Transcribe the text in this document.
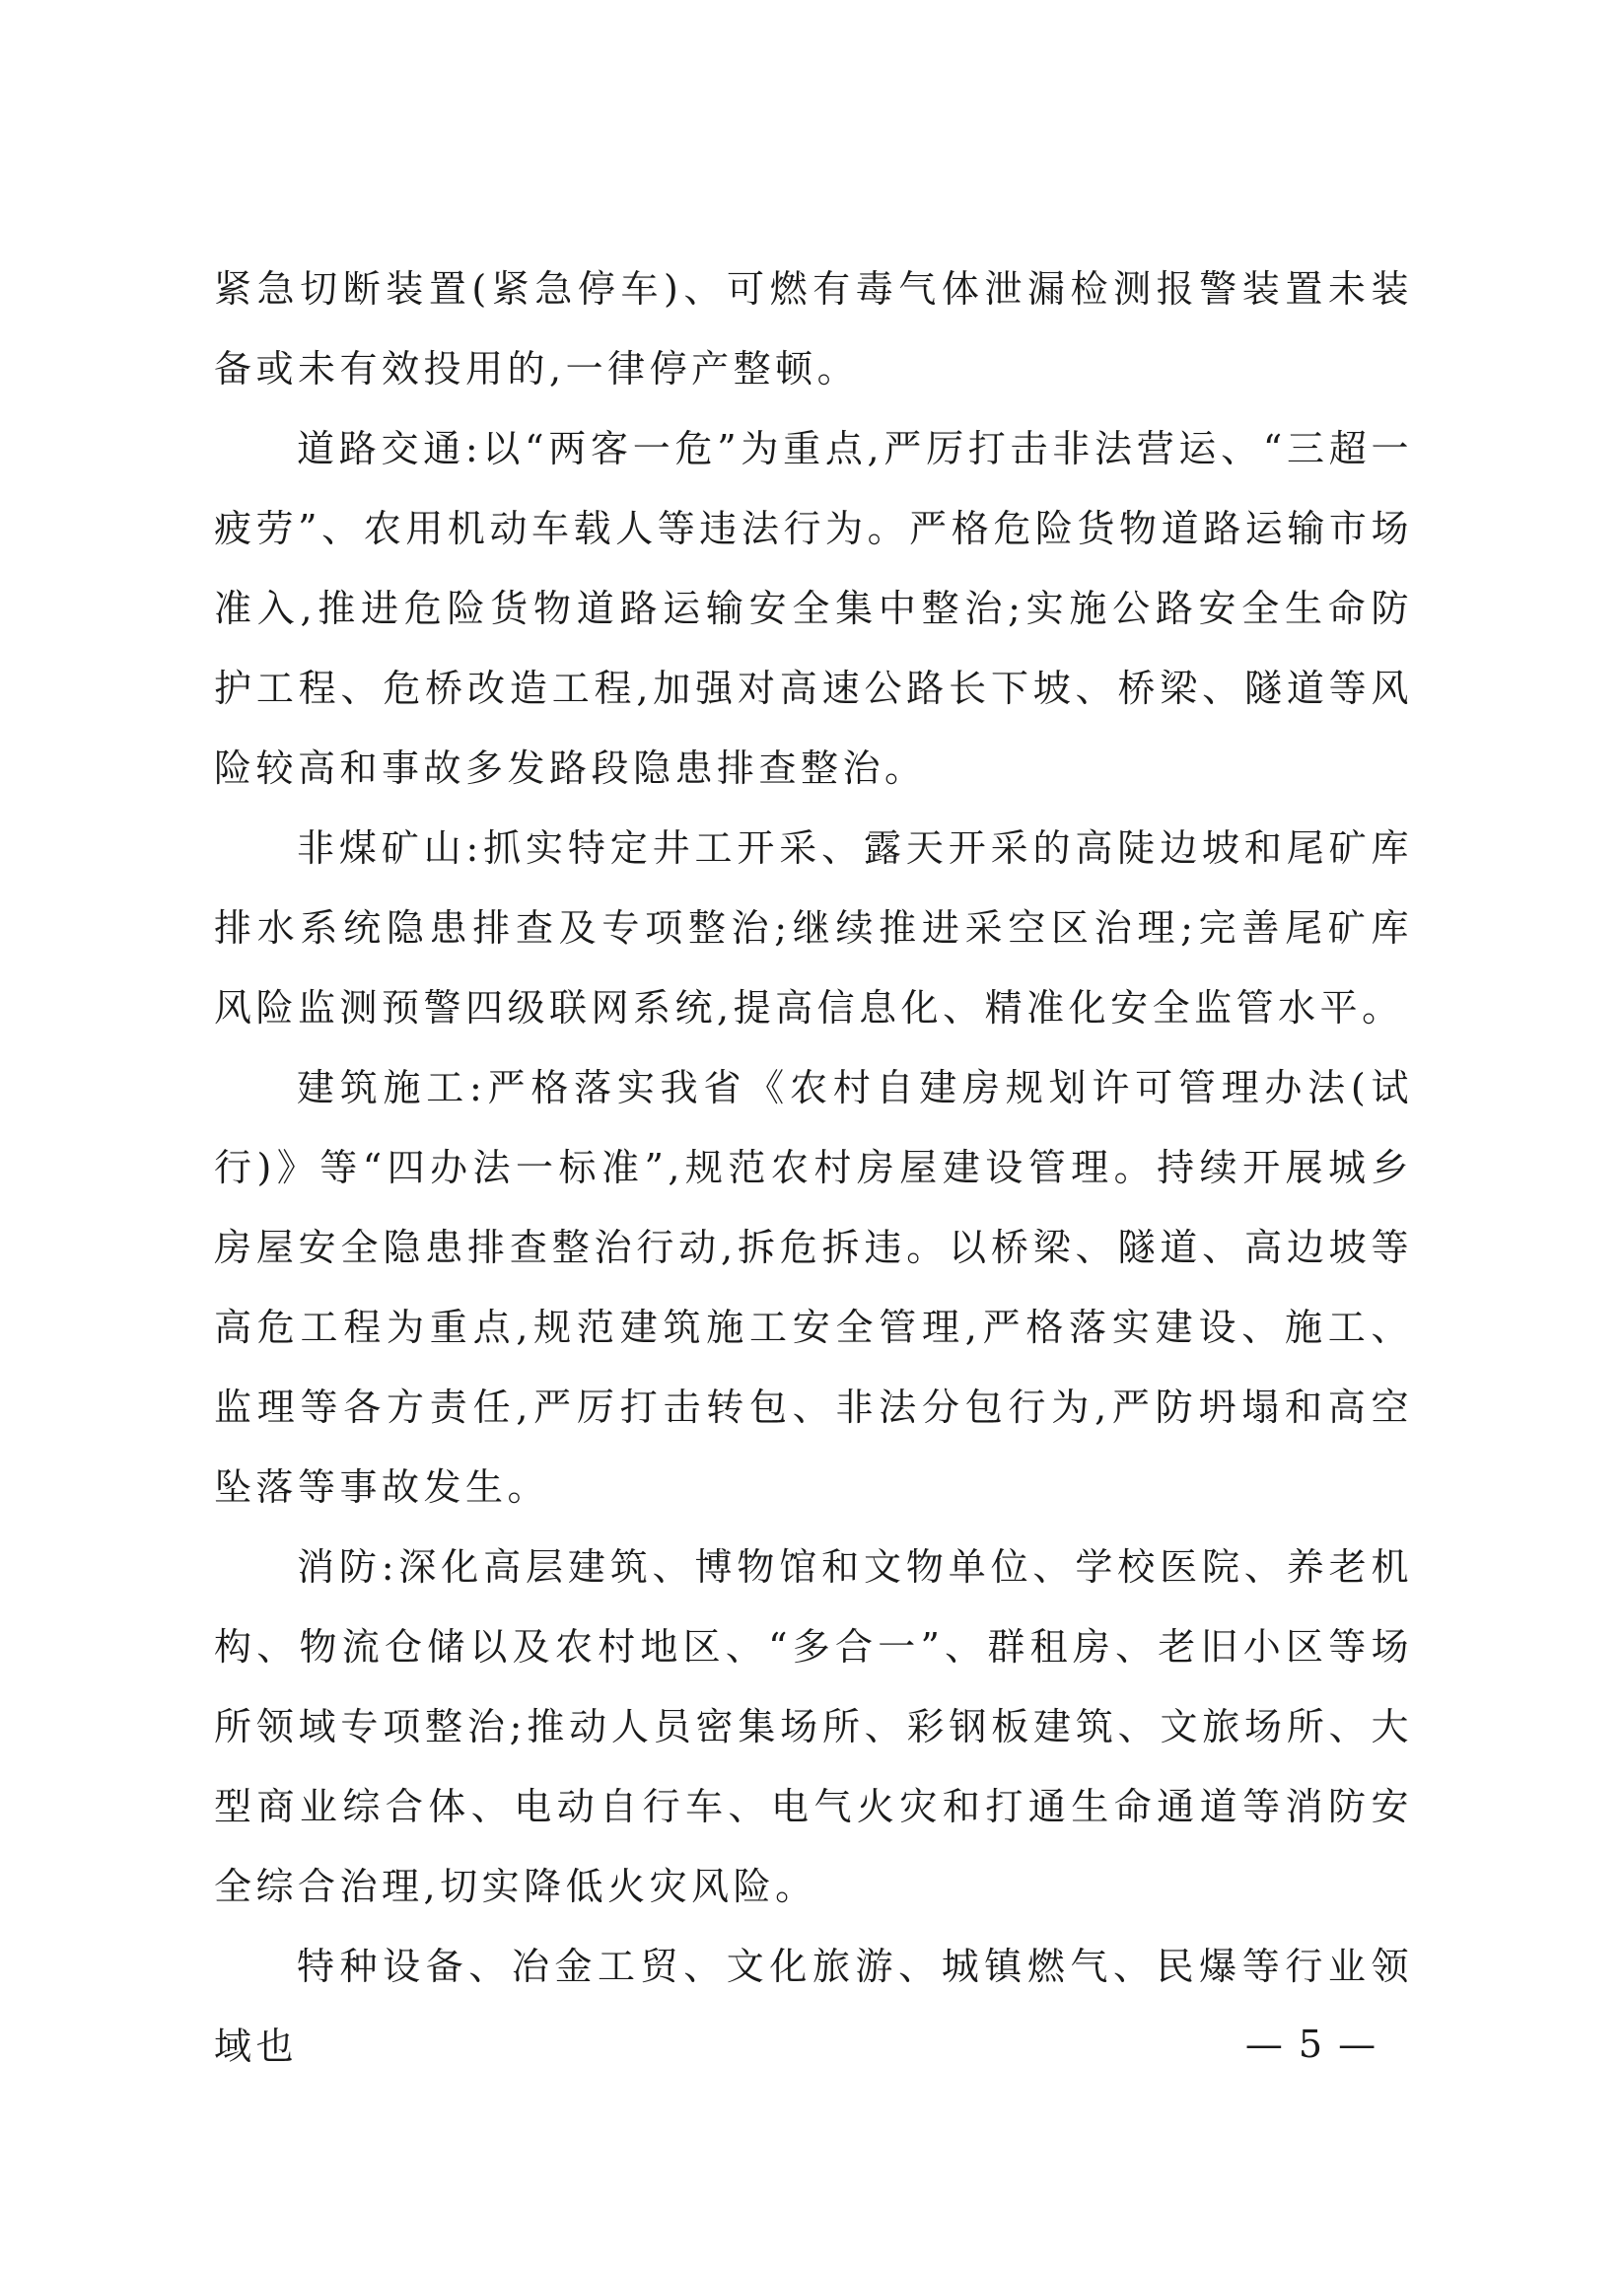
紧急切断装置(紧急停车)、可燃有毒气体泄漏检测报警装置未装备或未有效投用的,一律停产整顿。

道路交通:以“两客一危”为重点,严厉打击非法营运、“三超一疲劳”、农用机动车载人等违法行为。严格危险货物道路运输市场准入,推进危险货物道路运输安全集中整治;实施公路安全生命防护工程、危桥改造工程,加强对高速公路长下坡、桥梁、隧道等风险较高和事故多发路段隐患排查整治。

非煤矿山:抓实特定井工开采、露天开采的高陡边坡和尾矿库排水系统隐患排查及专项整治;继续推进采空区治理;完善尾矿库风险监测预警四级联网系统,提高信息化、精准化安全监管水平。

建筑施工:严格落实我省《农村自建房规划许可管理办法(试行)》等“四办法一标准”,规范农村房屋建设管理。持续开展城乡房屋安全隐患排查整治行动,拆危拆违。以桥梁、隧道、高边坡等高危工程为重点,规范建筑施工安全管理,严格落实建设、施工、监理等各方责任,严厉打击转包、非法分包行为,严防坍塌和高空坠落等事故发生。

消防:深化高层建筑、博物馆和文物单位、学校医院、养老机构、物流仓储以及农村地区、“多合一”、群租房、老旧小区等场所领域专项整治;推动人员密集场所、彩钢板建筑、文旅场所、大型商业综合体、电动自行车、电气火灾和打通生命通道等消防安全综合治理,切实降低火灾风险。

特种设备、冶金工贸、文化旅游、城镇燃气、民爆等行业领域也	— 5 —
